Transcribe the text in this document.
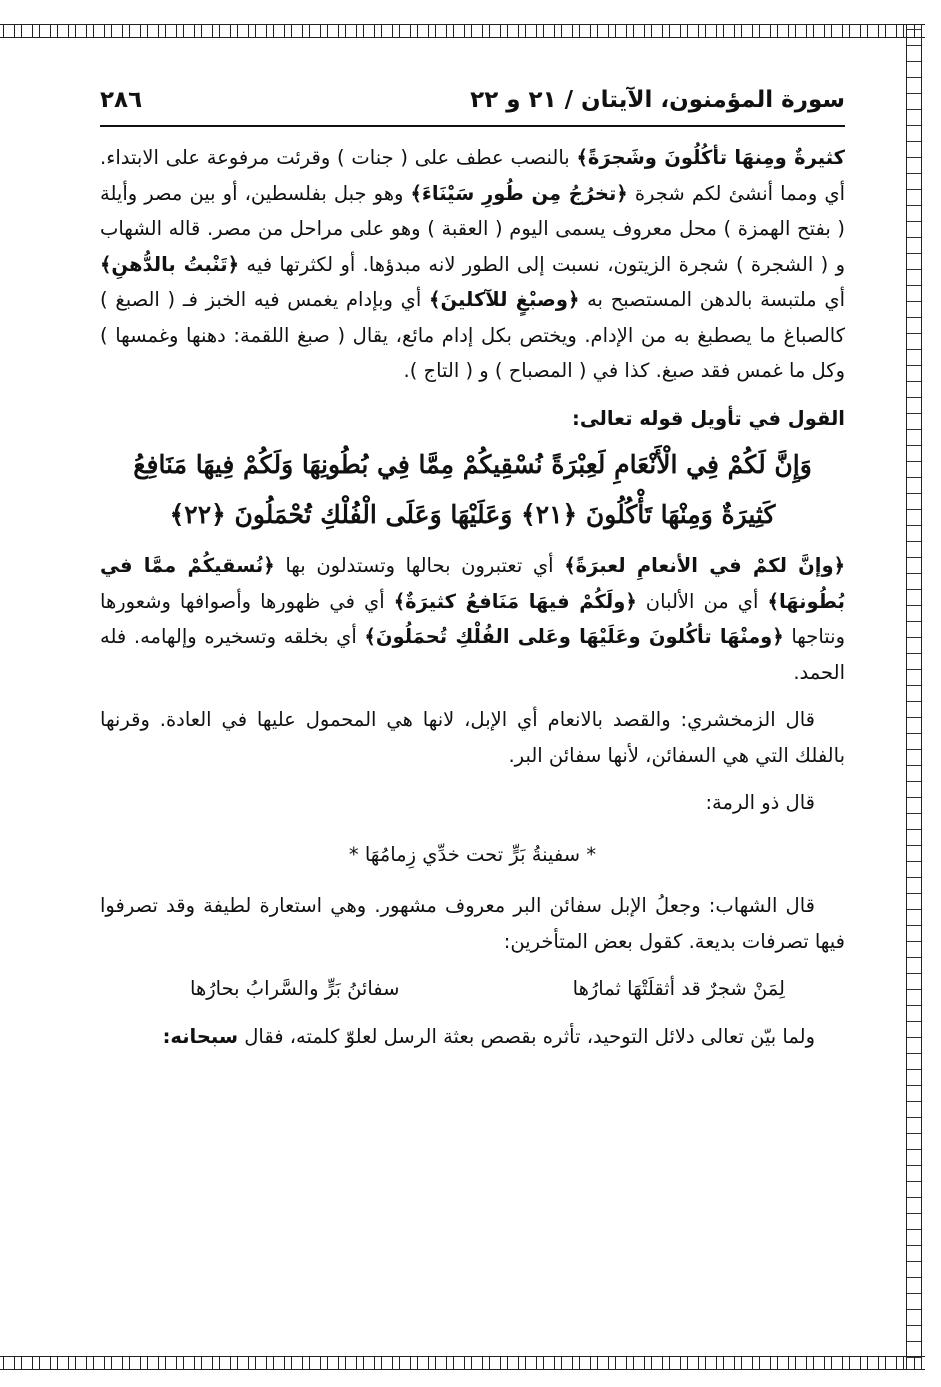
سورة المؤمنون، الآيتان / ٢١ و ٢٢
٢٨٦

كثيرةٌ ومِنهَا تأكُلُونَ وشَجرَةً﴾ بالنصب عطف على ( جنات ) وقرئت مرفوعة على الابتداء. أي ومما أنشئ لكم شجرة ﴿تخرُجُ مِن طُورِ سَيْنَاءَ﴾ وهو جبل بفلسطين، أو بين مصر وأيلة ( بفتح الهمزة ) محل معروف يسمى اليوم ( العقبة ) وهو على مراحل من مصر. قاله الشهاب و ( الشجرة ) شجرة الزيتون، نسبت إلى الطور لانه مبدؤها. أو لكثرتها فيه ﴿تَنْبتُ بالدُّهنِ﴾ أي ملتبسة بالدهن المستصبح به ﴿وصبْغٍ للآكلينَ﴾ أي وبإدام يغمس فيه الخبز فـ ( الصبغ ) كالصباغ ما يصطبغ به من الإدام. ويختص بكل إدام مائع، يقال ( صبغ اللقمة: دهنها وغمسها ) وكل ما غمس فقد صبغ. كذا في ( المصباح ) و ( التاج ).

القول في تأويل قوله تعالى:

وَإِنَّ لَكُمْ فِي الْأَنْعَامِ لَعِبْرَةً نُسْقِيكُمْ مِمَّا فِي بُطُونِهَا وَلَكُمْ فِيهَا مَنَافِعُ كَثِيرَةٌ وَمِنْهَا تَأْكُلُونَ ﴿٢١﴾ وَعَلَيْهَا وَعَلَى الْفُلْكِ تُحْمَلُونَ ﴿٢٢﴾

﴿وإنَّ لكمْ في الأنعامِ لعبرَةً﴾ أي تعتبرون بحالها وتستدلون بها ﴿نُسقيكُمْ ممَّا في بُطُونهَا﴾ أي من الألبان ﴿ولَكُمْ فيهَا مَنَافعُ كثيرَةٌ﴾ أي في ظهورها وأصوافها وشعورها ونتاجها ﴿ومنْهَا تأكُلونَ وعَلَيْهَا وعَلى الفُلْكِ تُحمَلُونَ﴾ أي بخلقه وتسخيره وإلهامه. فله الحمد.

قال الزمخشري: والقصد بالانعام أي الإبل، لانها هي المحمول عليها في العادة. وقرنها بالفلك التي هي السفائن، لأنها سفائن البر.

قال ذو الرمة:

* سفينةُ بَرٍّ تحت خدِّي زِمامُهَا *

قال الشهاب: وجعلُ الإبل سفائن البر معروف مشهور. وهي استعارة لطيفة وقد تصرفوا فيها تصرفات بديعة. كقول بعض المتأخرين:

لِمَنْ شجرٌ قد أثقلَتْهَا ثمارُها
سفائنُ بَرٍّ والسَّرابُ بحارُها

ولما بيّن تعالى دلائل التوحيد، تأثره بقصص بعثة الرسل لعلوّ كلمته، فقال سبحانه:
